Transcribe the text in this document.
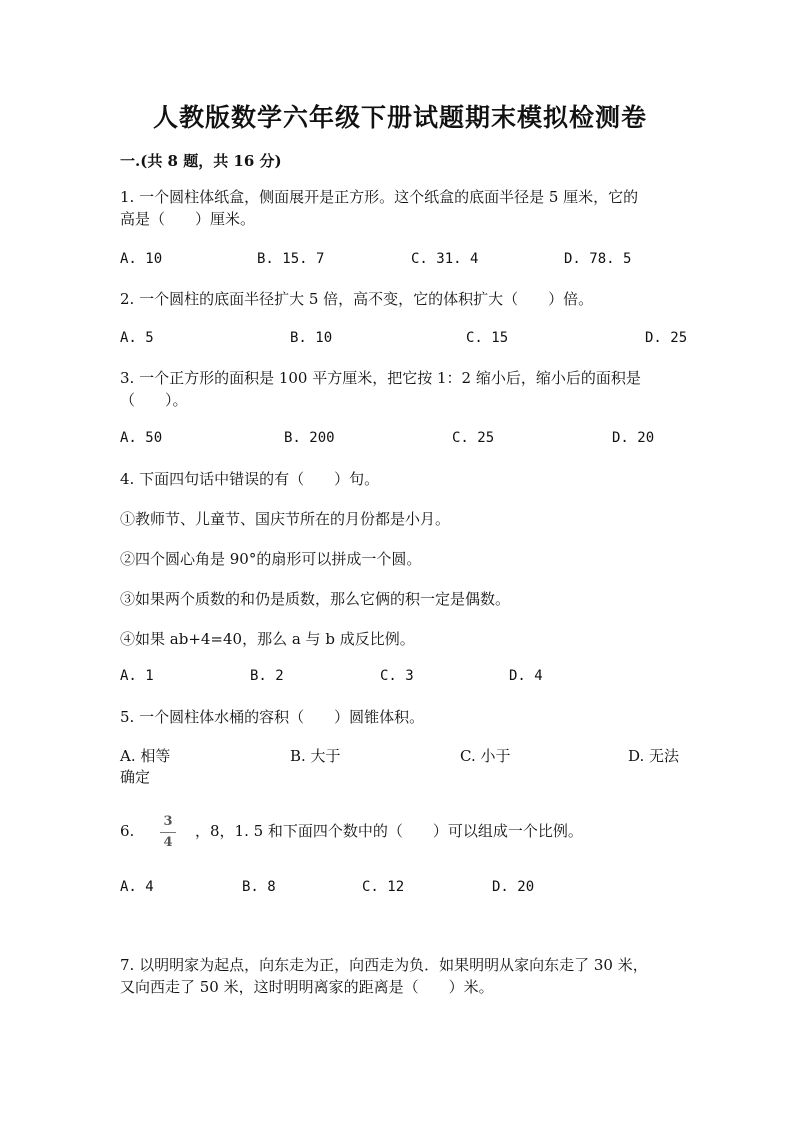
人教版数学六年级下册试题期末模拟检测卷
一.(共 8 题，共 16 分)
1. 一个圆柱体纸盒，侧面展开是正方形。这个纸盒的底面半径是 5 厘米，它的
高是（　　）厘米。
A. 10	B. 15. 7	C. 31. 4	D. 78. 5
2. 一个圆柱的底面半径扩大 5 倍，高不变，它的体积扩大（　　）倍。
A. 5	B. 10	C. 15	D. 25
3. 一个正方形的面积是 100 平方厘米，把它按 1：2 缩小后，缩小后的面积是
（　　）。
A. 50	B. 200	C. 25	D. 20
4. 下面四句话中错误的有（　　）句。
①教师节、儿童节、国庆节所在的月份都是小月。
②四个圆心角是 90°的扇形可以拼成一个圆。
③如果两个质数的和仍是质数，那么它俩的积一定是偶数。
④如果 ab+4=40，那么 a 与 b 成反比例。
A. 1	B. 2	C. 3	D. 4
5. 一个圆柱体水桶的容积（　　）圆锥体积。
A. 相等	B. 大于	C. 小于	D. 无法
确定
6.
3
4
，8，1. 5 和下面四个数中的（　　）可以组成一个比例。
A. 4	B. 8	C. 12	D. 20
7. 以明明家为起点，向东走为正，向西走为负．如果明明从家向东走了 30 米，
又向西走了 50 米，这时明明离家的距离是（　　）米。
